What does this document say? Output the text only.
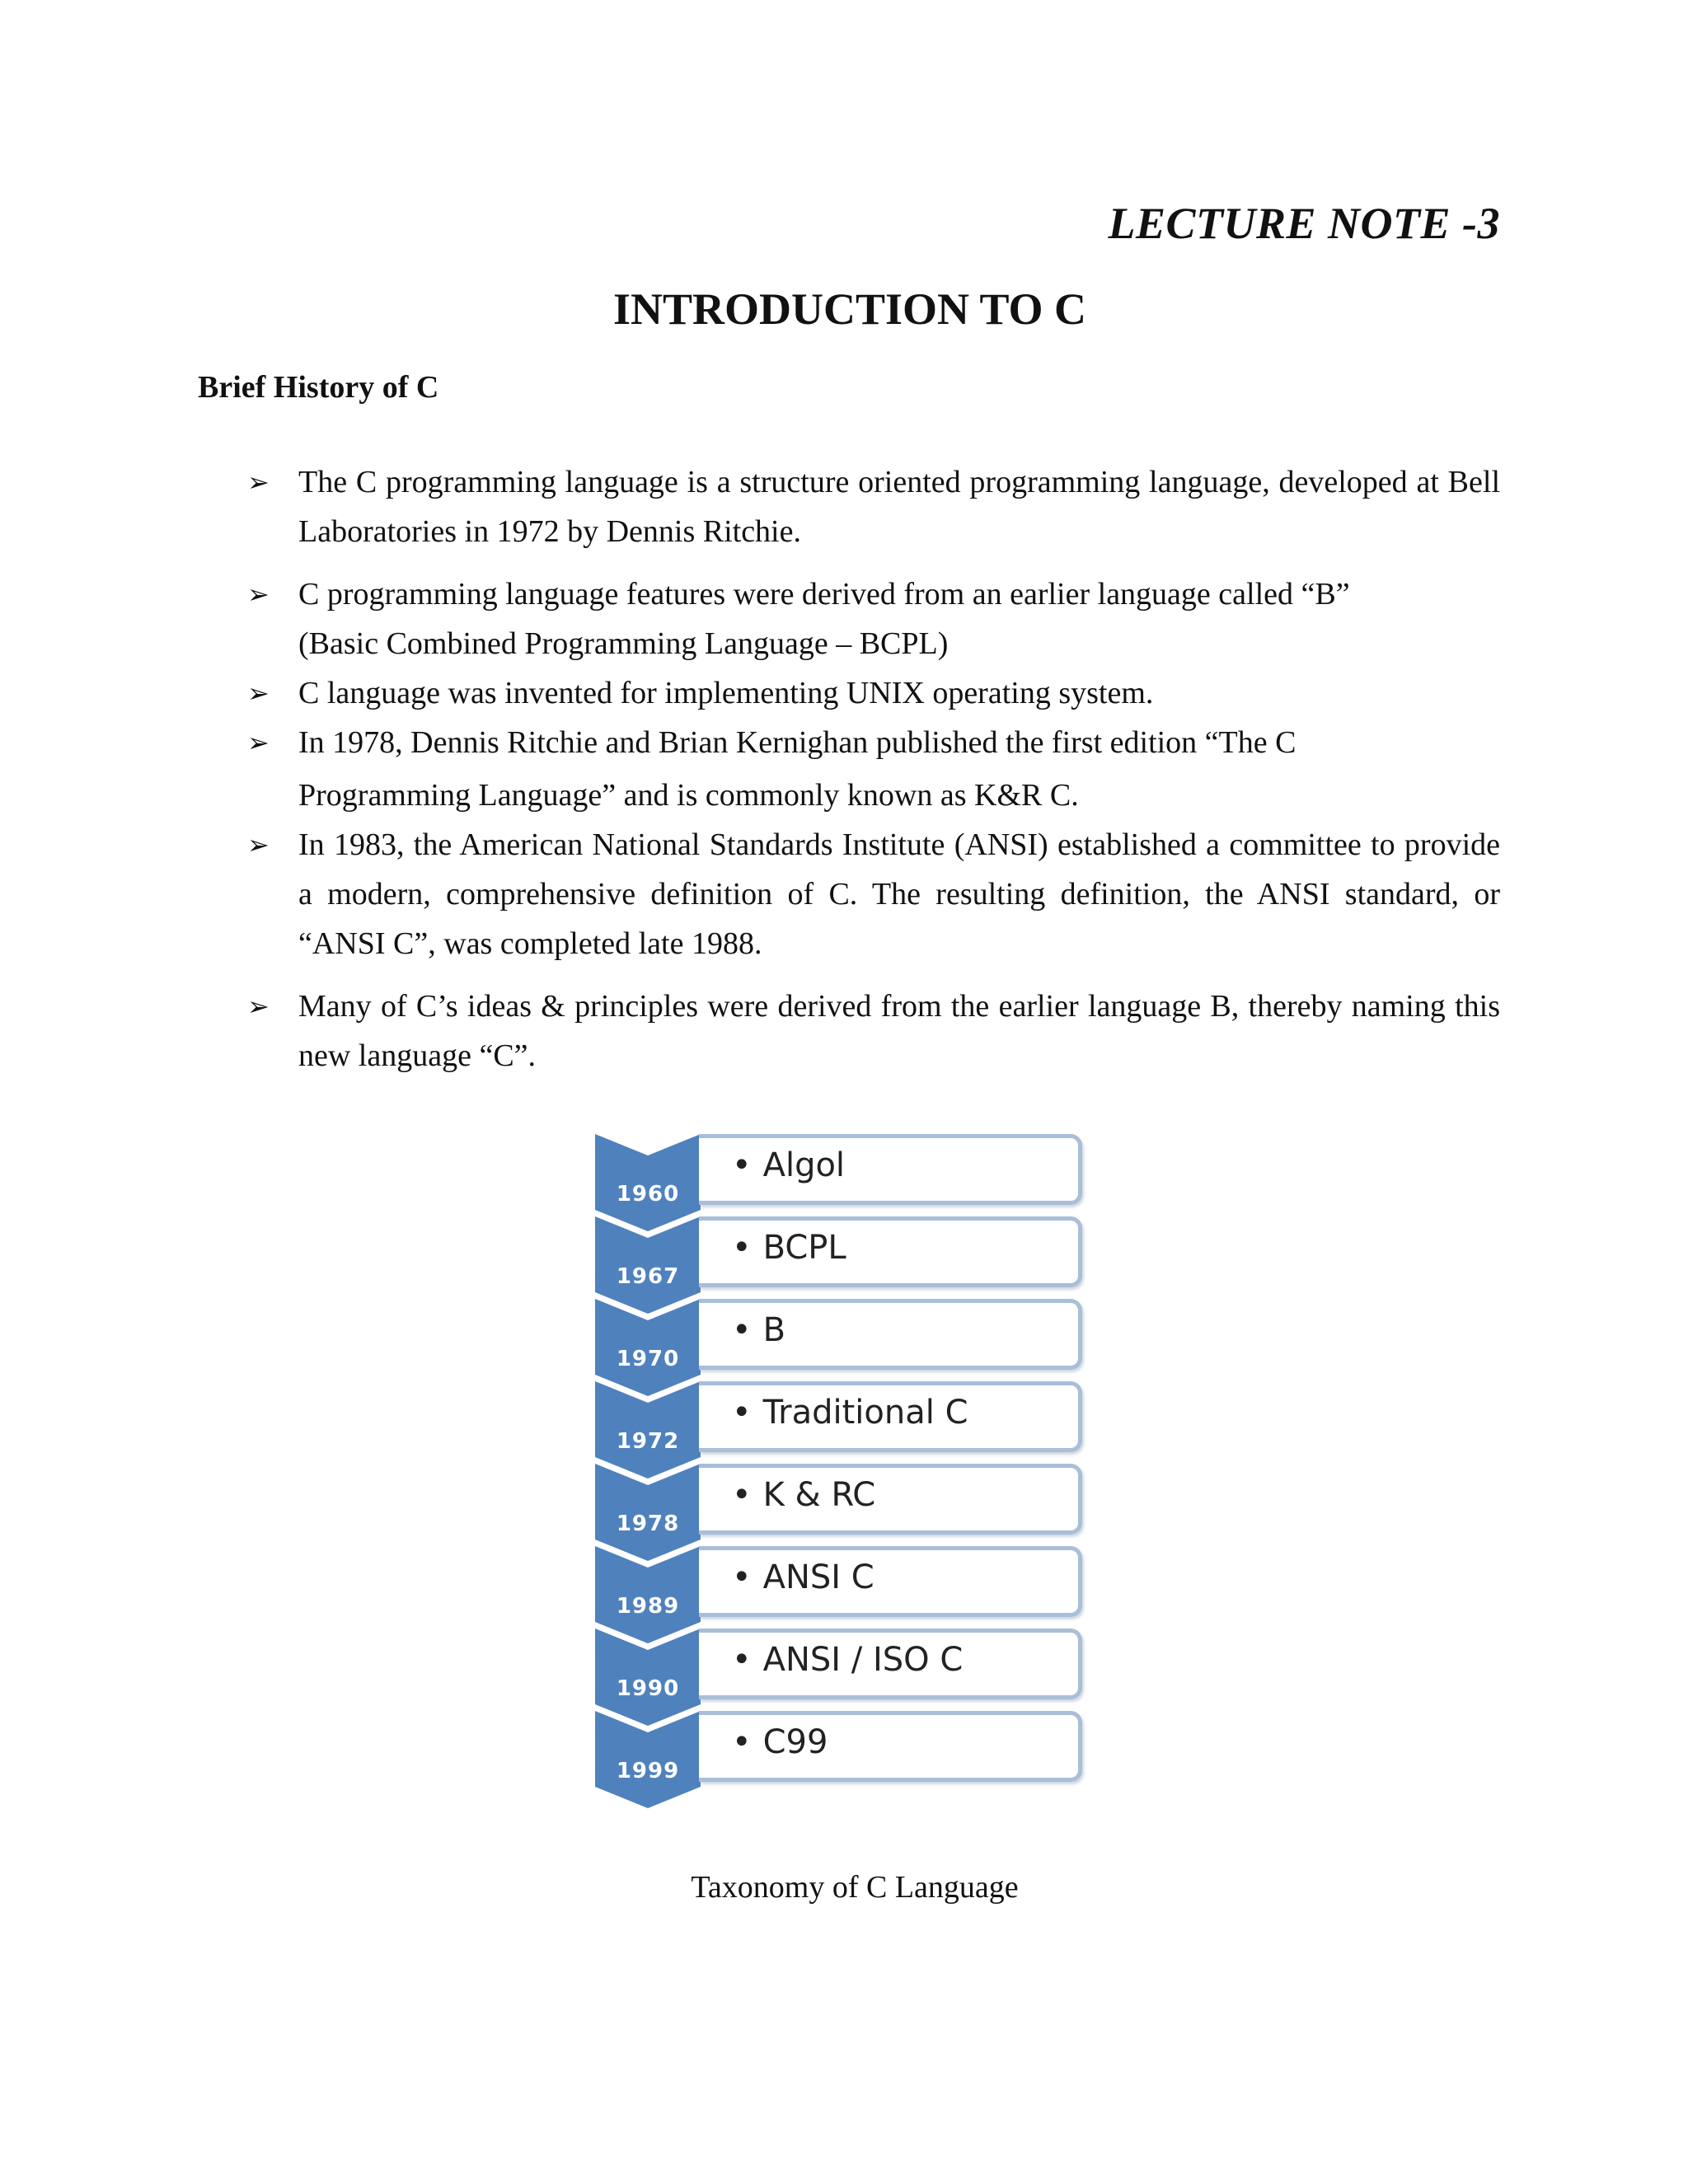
LECTURE NOTE -3
INTRODUCTION TO C
Brief History of C
➢ The C programming language is a structure oriented programming language, developed at Bell Laboratories in 1972 by Dennis Ritchie.
➢ C programming language features were derived from an earlier language called “B”
(Basic Combined Programming Language – BCPL)
➢ C language was invented for implementing UNIX operating system.
➢ In 1978, Dennis Ritchie and Brian Kernighan published the first edition “The C
Programming Language” and is commonly known as K&R C.
➢ In 1983, the American National Standards Institute (ANSI) established a committee to provide a modern, comprehensive definition of C. The resulting definition, the ANSI standard, or “ANSI C”, was completed late 1988.
➢ Many of C’s ideas & principles were derived from the earlier language B, thereby naming this new language “C”.
1960
• Algol
1967
• BCPL
1970
• B
1972
• Traditional C
1978
• K & RC
1989
• ANSI C
1990
• ANSI / ISO C
1999
• C99

Taxonomy of C Language
